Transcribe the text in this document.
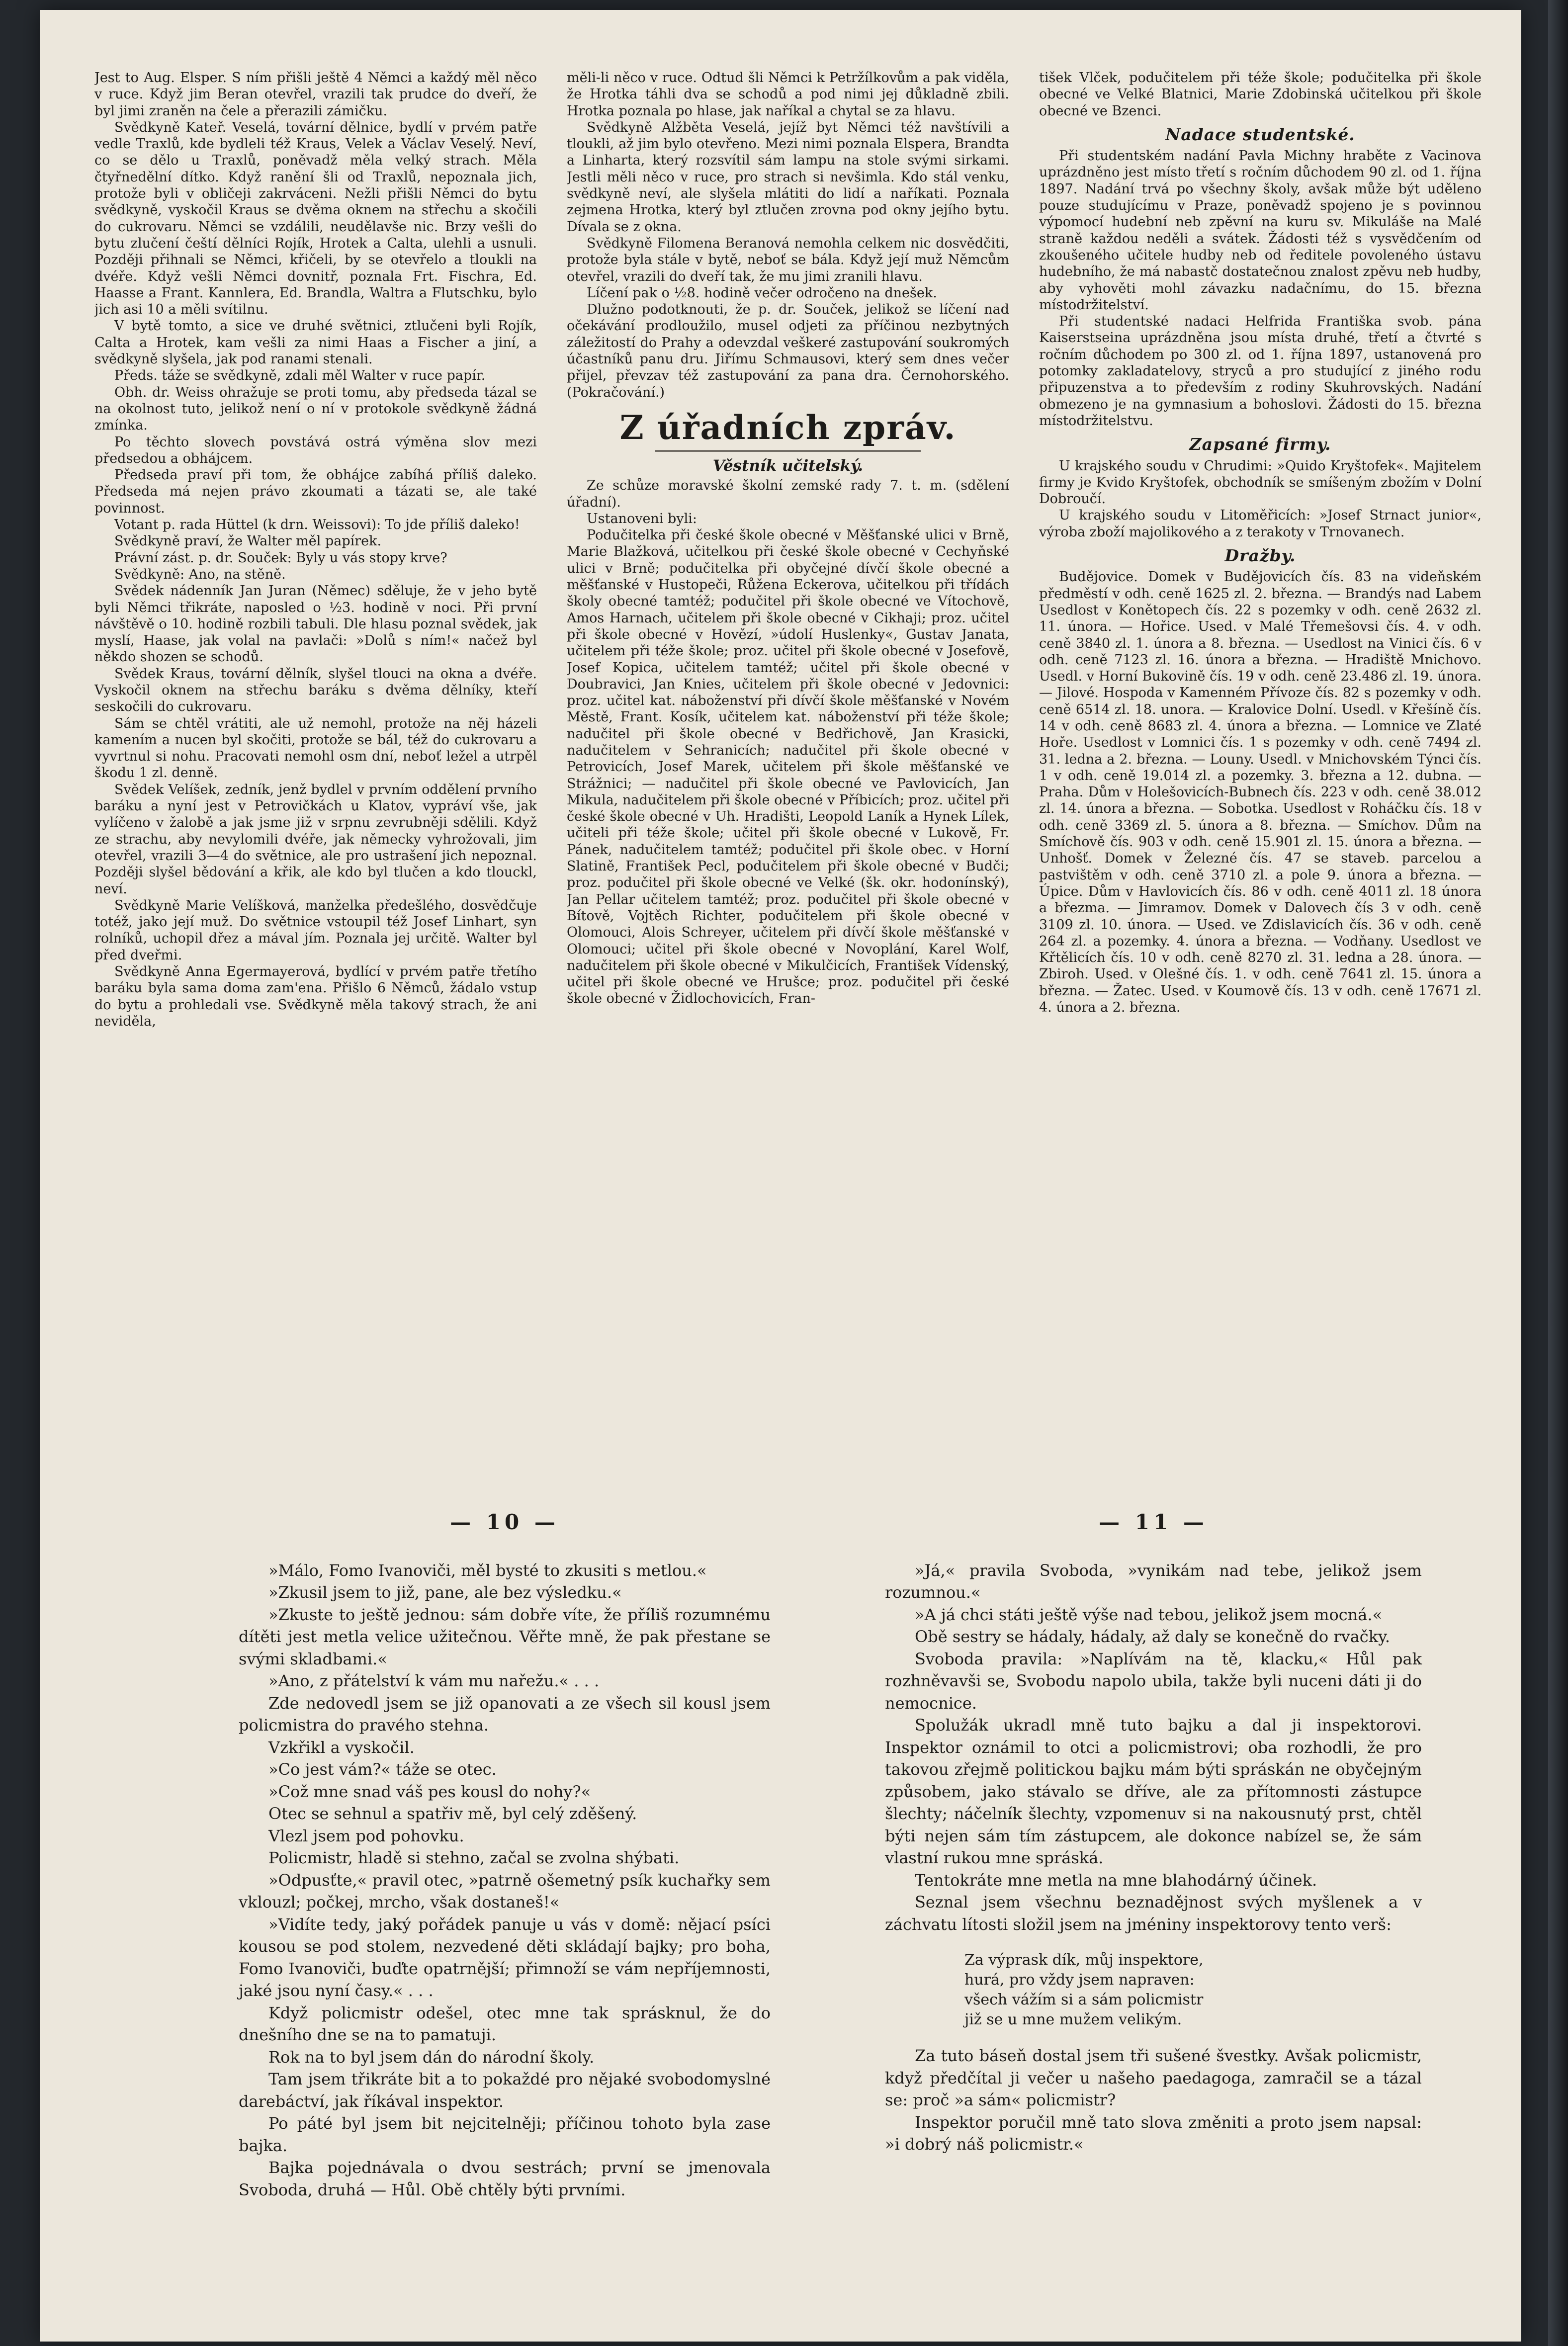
Jest to Aug. Elsper. S ním přišli ještě 4 Němci a každý měl něco v ruce. Když jim Beran otevřel, vrazili tak prudce do dveří, že byl jimi zraněn na čele a přerazili zámičku.

Svědkyně Kateř. Veselá, tovární dělnice, bydlí v prvém patře vedle Traxlů, kde bydleli též Kraus, Velek a Václav Veselý. Neví, co se dělo u Traxlů, poněvadž měla velký strach. Měla čtyřnedělní dítko. Když ranění šli od Traxlů, nepoznala jich, protože byli v obličeji zakrváceni. Nežli přišli Němci do bytu svědkyně, vyskočil Kraus se dvěma oknem na střechu a skočili do cukrovaru. Němci se vzdálili, neudělavše nic. Brzy vešli do bytu zlučení čeští dělníci Rojík, Hrotek a Calta, ulehli a usnuli. Později přihnali se Němci, křičeli, by se otevřelo a tloukli na dvéře. Když vešli Němci dovnitř, poznala Frt. Fischra, Ed. Haasse a Frant. Kannlera, Ed. Brandla, Waltra a Flutschku, bylo jich asi 10 a měli svítilnu.

V bytě tomto, a sice ve druhé světnici, ztlučeni byli Rojík, Calta a Hrotek, kam vešli za nimi Haas a Fischer a jiní, a svědkyně slyšela, jak pod ranami stenali.

Předs. táže se svědkyně, zdali měl Walter v ruce papír.

Obh. dr. Weiss ohražuje se proti tomu, aby předseda tázal se na okolnost tuto, jelikož není o ní v protokole svědkyně žádná zmínka.

Po těchto slovech povstává ostrá výměna slov mezi předsedou a obhájcem.

Předseda praví při tom, že obhájce zabíhá příliš daleko. Předseda má nejen právo zkoumati a tázati se, ale také povinnost.

Votant p. rada Hüttel (k drn. Weissovi): To jde příliš daleko!

Svědkyně praví, že Walter měl papírek.

Právní zást. p. dr. Souček: Byly u vás stopy krve?

Svědkyně: Ano, na stěně.

Svědek nádenník Jan Juran (Němec) sděluje, že v jeho bytě byli Němci třikráte, naposled o ½3. hodině v noci. Při první návštěvě o 10. hodině rozbili tabuli. Dle hlasu poznal svědek, jak myslí, Haase, jak volal na pavlači: »Dolů s ním!« načež byl někdo shozen se schodů.

Svědek Kraus, tovární dělník, slyšel tlouci na okna a dvéře. Vyskočil oknem na střechu baráku s dvěma dělníky, kteří seskočili do cukrovaru.

Sám se chtěl vrátiti, ale už nemohl, protože na něj házeli kamením a nucen byl skočiti, protože se bál, též do cukrovaru a vyvrtnul si nohu. Pracovati nemohl osm dní, neboť ležel a utrpěl škodu 1 zl. denně.

Svědek Velíšek, zedník, jenž bydlel v prvním oddělení prvního baráku a nyní jest v Petrovičkách u Klatov, vypráví vše, jak vylíčeno v žalobě a jak jsme již v srpnu zevrubněji sdělili. Když ze strachu, aby nevylomili dvéře, jak německy vyhrožovali, jim otevřel, vrazili 3—4 do světnice, ale pro ustrašení jich nepoznal. Později slyšel bědování a křik, ale kdo byl tlučen a kdo tlouckl, neví.

Svědkyně Marie Velíšková, manželka předešlého, dosvědčuje totéž, jako její muž. Do světnice vstoupil též Josef Linhart, syn rolníků, uchopil dřez a mával jím. Poznala jej určitě. Walter byl před dveřmi.

Svědkyně Anna Egermayerová, bydlící v prvém patře třetího baráku byla sama doma zam'ena. Přišlo 6 Němců, žádalo vstup do bytu a prohledali vse. Svědkyně měla takový strach, že ani neviděla,

měli-li něco v ruce. Odtud šli Němci k Petržílkovům a pak viděla, že Hrotka táhli dva se schodů a pod nimi jej důkladně zbili. Hrotka poznala po hlase, jak naříkal a chytal se za hlavu.

Svědkyně Alžběta Veselá, jejíž byt Němci též navštívili a tloukli, až jim bylo otevřeno. Mezi nimi poznala Elspera, Brandta a Linharta, který rozsvítil sám lampu na stole svými sirkami. Jestli měli něco v ruce, pro strach si nevšimla. Kdo stál venku, svědkyně neví, ale slyšela mlátiti do lidí a naříkati. Poznala zejmena Hrotka, který byl ztlučen zrovna pod okny jejího bytu. Dívala se z okna.

Svědkyně Filomena Beranová nemohla celkem nic dosvědčiti, protože byla stále v bytě, neboť se bála. Když její muž Němcům otevřel, vrazili do dveří tak, že mu jimi zranili hlavu.

Líčení pak o ½8. hodině večer odročeno na dnešek.

Dlužno podotknouti, že p. dr. Souček, jelikož se líčení nad očekávání prodloužilo, musel odjeti za příčinou nezbytných záležitostí do Prahy a odevzdal veškeré zastupování soukromých účastníků panu dru. Jiřímu Schmausovi, který sem dnes večer přijel, převzav též zastupování za pana dra. Černohorského. (Pokračování.)

Z úřadních zpráv.
Věstník učitelský.

Ze schůze moravské školní zemské rady 7. t. m. (sdělení úřadní).

Ustanoveni byli:

Podučitelka při české škole obecné v Měšťanské ulici v Brně, Marie Blažková, učitelkou při české škole obecné v Cechyňské ulici v Brně; podučitelka při obyčejné dívčí škole obecné a měšťanské v Hustopeči, Růžena Eckerova, učitelkou při třídách školy obecné tamtéž; podučitel při škole obecné ve Vítochově, Amos Harnach, učitelem při škole obecné v Cikhaji; proz. učitel při škole obecné v Hovězí, »údolí Huslenky«, Gustav Janata, učitelem při téže škole; proz. učitel při škole obecné v Josefově, Josef Kopica, učitelem tamtéž; učitel při škole obecné v Doubravici, Jan Knies, učitelem při škole obecné v Jedovnici: proz. učitel kat. náboženství při dívčí škole měšťanské v Novém Městě, Frant. Kosík, učitelem kat. náboženství při téže škole; nadučitel při škole obecné v Bedřichově, Jan Krasicki, nadučitelem v Sehranicích; nadučitel při škole obecné v Petrovicích, Josef Marek, učitelem při škole měšťanské ve Strážnici; — nadučitel při škole obecné ve Pavlovicích, Jan Mikula, nadučitelem při škole obecné v Příbicích; proz. učitel při české škole obecné v Uh. Hradišti, Leopold Laník a Hynek Lílek, učiteli při téže škole; učitel při škole obecné v Lukově, Fr. Pánek, nadučitelem tamtéž; podučitel při škole obec. v Horní Slatině, František Pecl, podučitelem při škole obecné v Budči; proz. podučitel při škole obecné ve Velké (šk. okr. hodonínský), Jan Pellar učitelem tamtéž; proz. podučitel při škole obecné v Bítově, Vojtěch Richter, podučitelem při škole obecné v Olomouci, Alois Schreyer, učitelem při dívčí škole měšťanské v Olomouci; učitel při škole obecné v Novoplání, Karel Wolf, nadučitelem při škole obecné v Mikulčicích, František Vídenský, učitel při škole obecné ve Hrušce; proz. podučitel při české škole obecné v Židlochovicích, Fran-

tišek Vlček, podučitelem při téže škole; podučitelka při škole obecné ve Velké Blatnici, Marie Zdobinská učitelkou při škole obecné ve Bzenci.

Nadace studentské.

Při studentském nadání Pavla Michny hraběte z Vacinova uprázdněno jest místo třetí s ročním důchodem 90 zl. od 1. října 1897. Nadání trvá po všechny školy, avšak může být uděleno pouze studujícímu v Praze, poněvadž spojeno je s povinnou výpomocí hudební neb zpěvní na kuru sv. Mikuláše na Malé straně každou neděli a svátek. Žádosti též s vysvědčením od zkoušeného učitele hudby neb od ředitele povoleného ústavu hudebního, že má nabastč dostatečnou znalost zpěvu neb hudby, aby vyhověti mohl závazku nadačnímu, do 15. března místodržitelství.

Při studentské nadaci Helfrida Františka svob. pána Kaiserstseina uprázdněna jsou místa druhé, třetí a čtvrté s ročním důchodem po 300 zl. od 1. října 1897, ustanovená pro potomky zakladatelovy, stryců a pro studující z jiného rodu připuzenstva a to především z rodiny Skuhrovských. Nadání obmezeno je na gymnasium a bohoslovi. Žádosti do 15. března místodržitelstvu.

Zapsané firmy.

U krajského soudu v Chrudimi: »Quido Kryštofek«. Majitelem firmy je Kvido Kryštofek, obchodník se smíšeným zbožím v Dolní Dobroučí.

U krajského soudu v Litoměřicích: »Josef Strnact junior«, výroba zboží majolikového a z terakoty v Trnovanech.

Dražby.

Budějovice. Domek v Budějovicích čís. 83 na videňském předměstí v odh. ceně 1625 zl. 2. března. — Brandýs nad Labem Usedlost v Konětopech čís. 22 s pozemky v odh. ceně 2632 zl. 11. února. — Hořice. Used. v Malé Třemešovsi čís. 4. v odh. ceně 3840 zl. 1. února a 8. března. — Usedlost na Vinici čís. 6 v odh. ceně 7123 zl. 16. února a března. — Hradiště Mnichovo. Usedl. v Horní Bukovině čís. 19 v odh. ceně 23.486 zl. 19. února. — Jilové. Hospoda v Kamenném Přívoze čís. 82 s pozemky v odh. ceně 6514 zl. 18. unora. — Kralovice Dolní. Usedl. v Křešíně čís. 14 v odh. ceně 8683 zl. 4. února a března. — Lomnice ve Zlaté Hoře. Usedlost v Lomnici čís. 1 s pozemky v odh. ceně 7494 zl. 31. ledna a 2. března. — Louny. Usedl. v Mnichovském Týnci čís. 1 v odh. ceně 19.014 zl. a pozemky. 3. března a 12. dubna. — Praha. Dům v Holešovicích-Bubnech čís. 223 v odh. ceně 38.012 zl. 14. února a března. — Sobotka. Usedlost v Roháčku čís. 18 v odh. ceně 3369 zl. 5. února a 8. března. — Smíchov. Dům na Smíchově čís. 903 v odh. ceně 15.901 zl. 15. února a března. — Unhošť. Domek v Železné čís. 47 se staveb. parcelou a pastvištěm v odh. ceně 3710 zl. a pole 9. února a března. — Úpice. Dům v Havlovicích čís. 86 v odh. ceně 4011 zl. 18 února a březma. — Jimramov. Domek v Dalovech čís 3 v odh. ceně 3109 zl. 10. února. — Used. ve Zdislavicích čís. 36 v odh. ceně 264 zl. a pozemky. 4. února a března. — Vodňany. Usedlost ve Křtělicích čís. 10 v odh. ceně 8270 zl. 31. ledna a 28. února. — Zbiroh. Used. v Olešné čís. 1. v odh. ceně 7641 zl. 15. února a března. — Žatec. Used. v Koumově čís. 13 v odh. ceně 17671 zl. 4. února a 2. března.

— 10 —

»Málo, Fomo Ivanoviči, měl bysté to zkusiti s metlou.«

»Zkusil jsem to již, pane, ale bez výsledku.«

»Zkuste to ještě jednou: sám dobře víte, že příliš rozumnému dítěti jest metla velice užitečnou. Věřte mně, že pak přestane se svými skladbami.«

»Ano, z přátelství k vám mu nařežu.« . . .

Zde nedovedl jsem se již opanovati a ze všech sil kousl jsem policmistra do pravého stehna.

Vzkřikl a vyskočil.

»Co jest vám?« táže se otec.

»Což mne snad váš pes kousl do nohy?«

Otec se sehnul a spatřiv mě, byl celý zděšený.

Vlezl jsem pod pohovku.

Policmistr, hladě si stehno, začal se zvolna shýbati.

»Odpusťte,« pravil otec, »patrně ošemetný psík kuchařky sem vklouzl; počkej, mrcho, však dostaneš!«

»Vidíte tedy, jaký pořádek panuje u vás v domě: nějací psíci kousou se pod stolem, nezvedené děti skládají bajky; pro boha, Fomo Ivanoviči, buďte opatrnější; přimnoží se vám nepříjemnosti, jaké jsou nyní časy.« . . .

Když policmistr odešel, otec mne tak sprásknul, že do dnešního dne se na to pamatuji.

Rok na to byl jsem dán do národní školy.

Tam jsem třikráte bit a to pokaždé pro nějaké svobodomyslné darebáctví, jak říkával inspektor.

Po páté byl jsem bit nejcitelněji; příčinou tohoto byla zase bajka.

Bajka pojednávala o dvou sestrách; první se jmenovala Svoboda, druhá — Hůl. Obě chtěly býti prvními.

— 11 —

»Já,« pravila Svoboda, »vynikám nad tebe, jelikož jsem rozumnou.«

»A já chci státi ještě výše nad tebou, jelikož jsem mocná.«

Obě sestry se hádaly, hádaly, až daly se konečně do rvačky.

Svoboda pravila: »Naplívám na tě, klacku,« Hůl pak rozhněvavši se, Svobodu napolo ubila, takže byli nuceni dáti ji do nemocnice.

Spolužák ukradl mně tuto bajku a dal ji inspektorovi. Inspektor oznámil to otci a policmistrovi; oba rozhodli, že pro takovou zřejmě politickou bajku mám býti spráskán ne obyčejným způsobem, jako stávalo se dříve, ale za přítomnosti zástupce šlechty; náčelník šlechty, vzpomenuv si na nakousnutý prst, chtěl býti nejen sám tím zástupcem, ale dokonce nabízel se, že sám vlastní rukou mne spráská.

Tentokráte mne metla na mne blahodárný účinek.

Seznal jsem všechnu beznadějnost svých myšlenek a v záchvatu lítosti složil jsem na jméniny inspektorovy tento verš:

Za výprask dík, můj inspektore,
hurá, pro vždy jsem napraven:
všech vážím si a sám policmistr
již se u mne mužem velikým.

Za tuto báseň dostal jsem tři sušené švestky. Avšak policmistr, když předčítal ji večer u našeho paedagoga, zamračil se a tázal se: proč »a sám« policmistr?

Inspektor poručil mně tato slova změniti a proto jsem napsal: »i dobrý náš policmistr.«
